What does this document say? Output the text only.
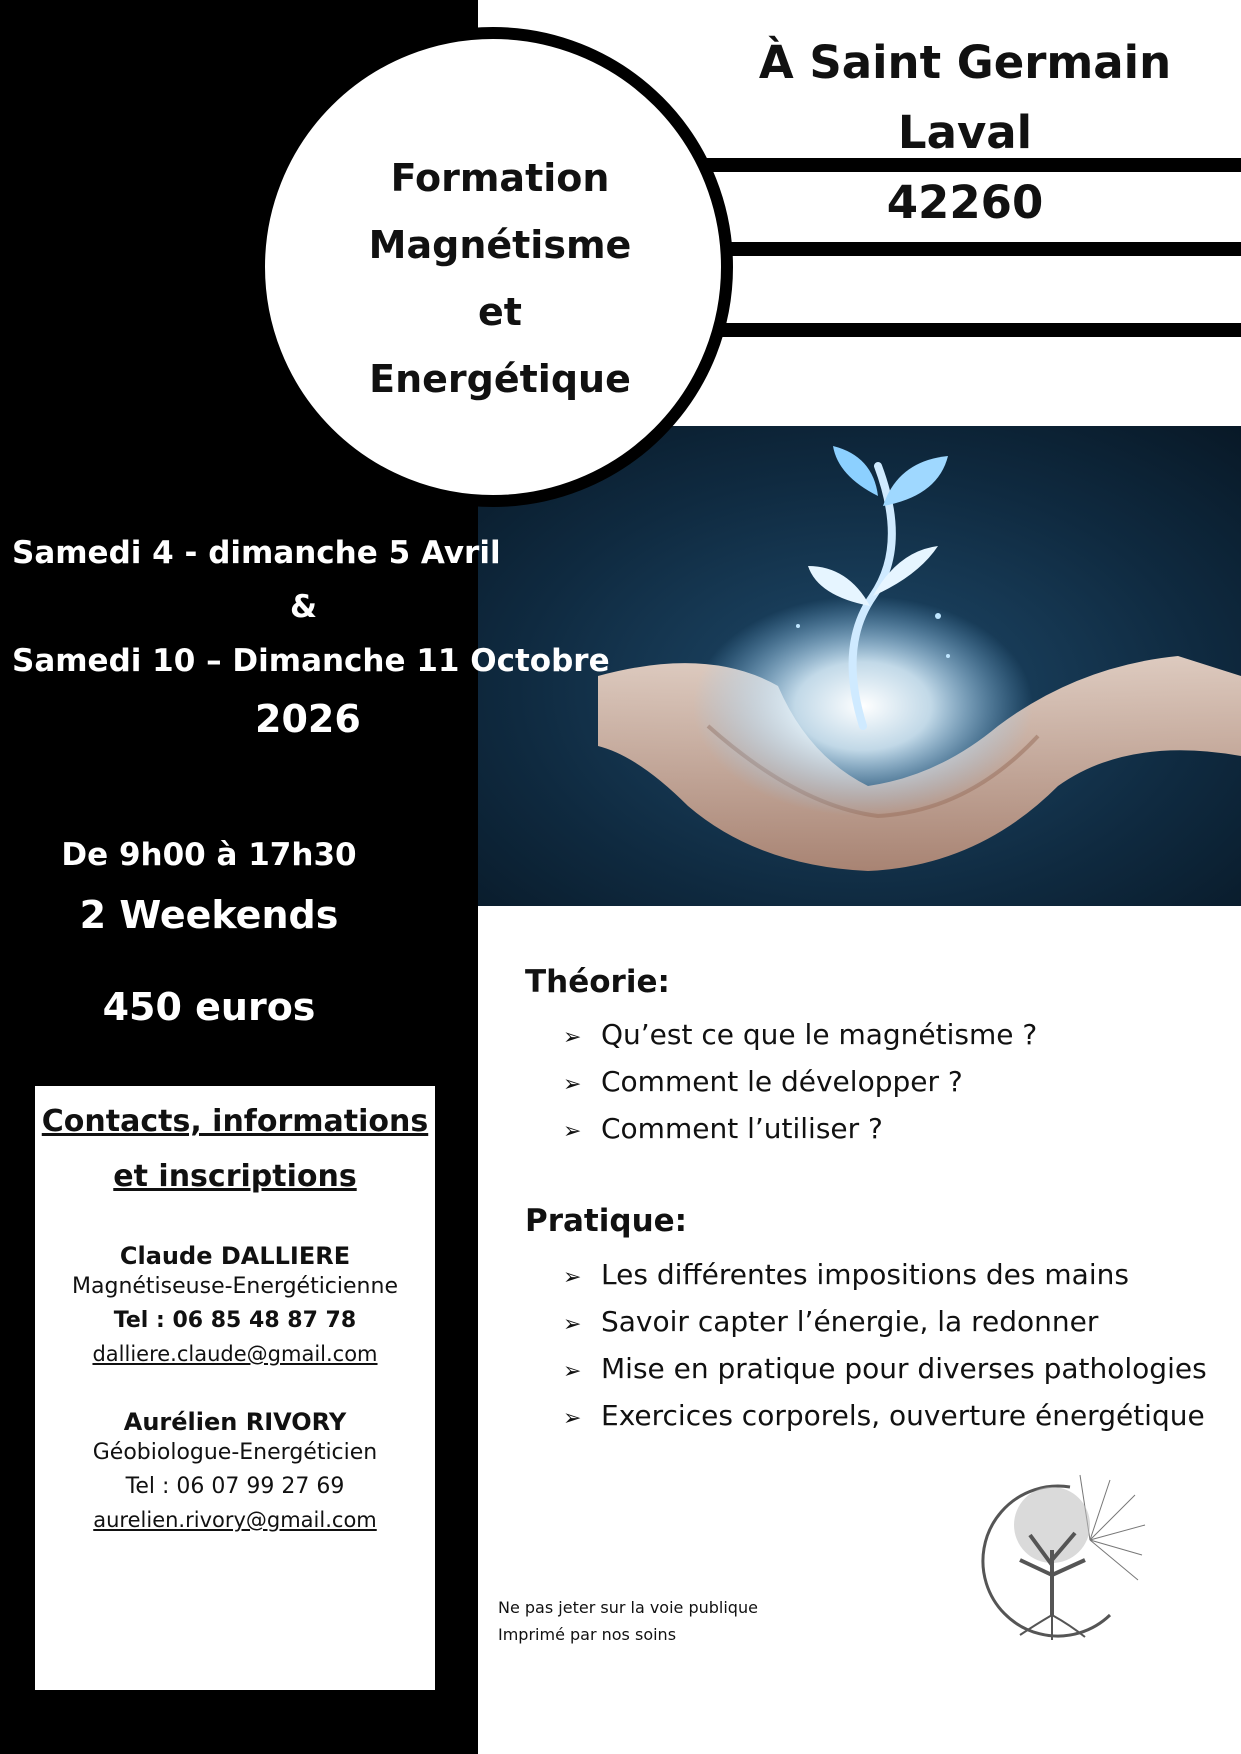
À Saint Germain Laval
42260
Formation
Magnétisme
et
Energétique
Samedi 4 - dimanche 5 Avril
&
Samedi 10 – Dimanche 11 Octobre
2026
De 9h00 à 17h30
2 Weekends
450 euros
Contacts, informations
et inscriptions
Claude DALLIERE
Magnétiseuse-Energéticienne
Tel : 06 85 48 87 78
dalliere.claude@gmail.com
Aurélien RIVORY
Géobiologue-Energéticien
Tel : 06 07 99 27 69
aurelien.rivory@gmail.com
Théorie:
➢ Qu’est ce que le magnétisme ?
➢ Comment le développer ?
➢ Comment l’utiliser ?
Pratique:
➢ Les différentes impositions des mains
➢ Savoir capter l’énergie, la redonner
➢ Mise en pratique pour diverses pathologies
➢ Exercices corporels, ouverture énergétique
Ne pas jeter sur la voie publique
Imprimé par nos soins
